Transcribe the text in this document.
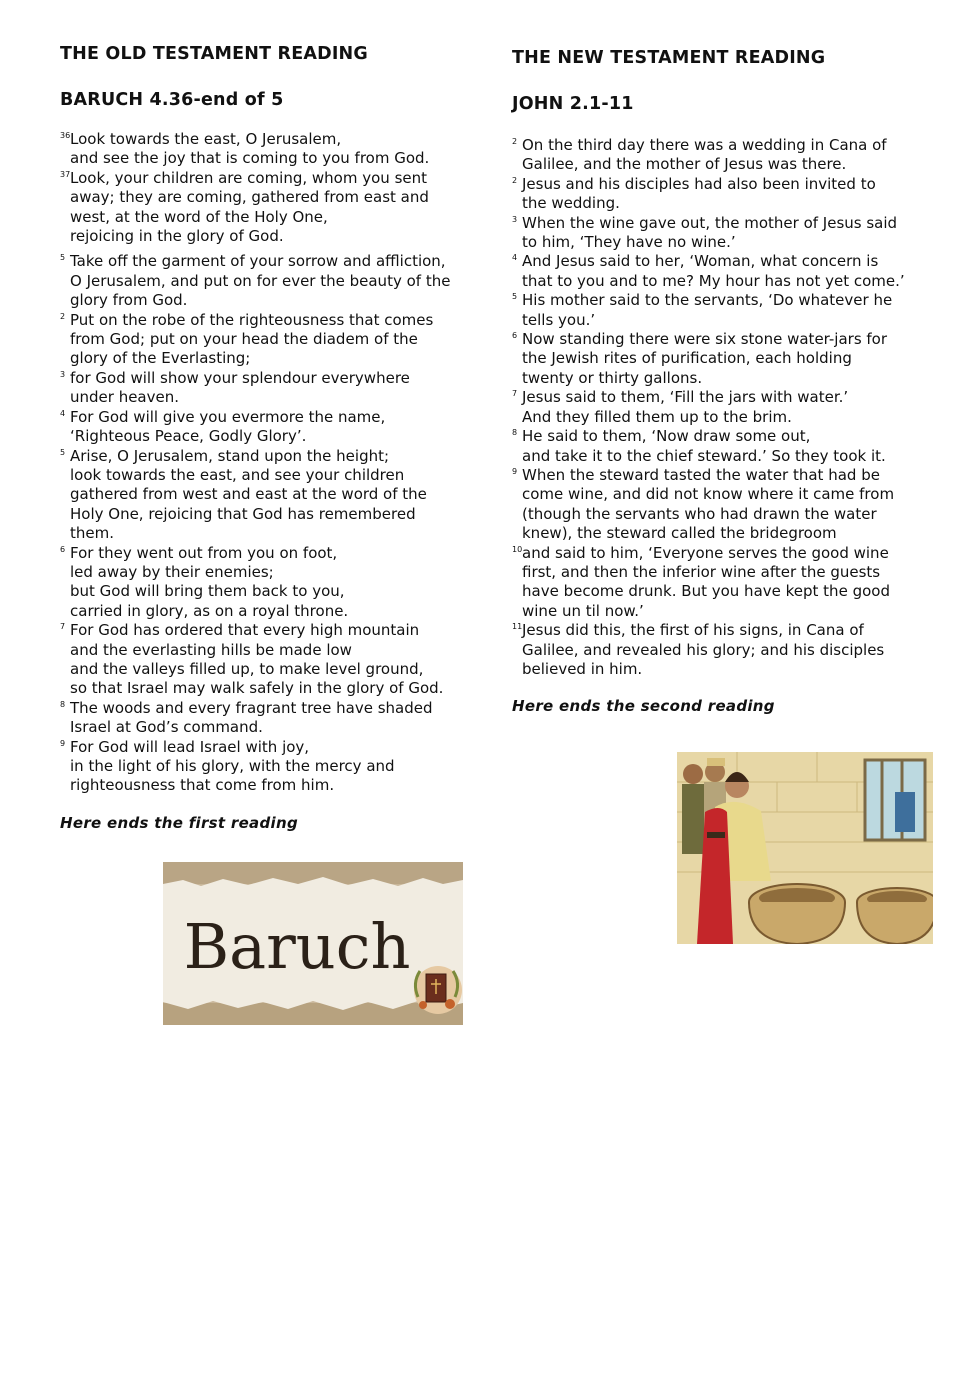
THE OLD TESTAMENT READING
BARUCH 4.36-end of 5
36 Look towards the east, O Jerusalem,
and see the joy that is coming to you from God.
37 Look, your children are coming, whom you sent
away; they are coming, gathered from east and
west, at the word of the Holy One,
rejoicing in the glory of God.
5 Take off the garment of your sorrow and affliction,
O Jerusalem, and put on for ever the beauty of the
glory from God.
2 Put on the robe of the righteousness that comes
from God; put on your head the diadem of the
glory of the Everlasting;
3 for God will show your splendour everywhere
under heaven.
4 For God will give you evermore the name,
‘Righteous Peace, Godly Glory’.
5 Arise, O Jerusalem, stand upon the height;
look towards the east, and see your children
gathered from west and east at the word of the
Holy One, rejoicing that God has remembered
them.
6 For they went out from you on foot,
led away by their enemies;
but God will bring them back to you,
carried in glory, as on a royal throne.
7 For God has ordered that every high mountain
and the everlasting hills be made low
and the valleys filled up, to make level ground,
so that Israel may walk safely in the glory of God.
8 The woods and every fragrant tree have shaded
Israel at God’s command.
9 For God will lead Israel with joy,
in the light of his glory, with the mercy and
righteousness that come from him.
Here ends the first reading
THE NEW TESTAMENT READING
JOHN 2.1-11
2 On the third day there was a wedding in Cana of
Galilee, and the mother of Jesus was there.
2 Jesus and his disciples had also been invited to
the wedding.
3 When the wine gave out, the mother of Jesus said
to him, ‘They have no wine.’
4 And Jesus said to her, ‘Woman, what concern is
that to you and to me? My hour has not yet come.’
5 His mother said to the servants, ‘Do whatever he
tells you.’
6 Now standing there were six stone water-jars for
the Jewish rites of purification, each holding
twenty or thirty gallons.
7 Jesus said to them, ‘Fill the jars with water.’
And they filled them up to the brim.
8 He said to them, ‘Now draw some out,
and take it to the chief steward.’ So they took it.
9 When the steward tasted the water that had be
come wine, and did not know where it came from
(though the servants who had drawn the water
knew), the steward called the bridegroom
10 and said to him, ‘Everyone serves the good wine
first, and then the inferior wine after the guests
have become drunk. But you have kept the good
wine un til now.’
11 Jesus did this, the first of his signs, in Cana of
Galilee, and revealed his glory; and his disciples
believed in him.
Here ends the second reading
Baruch
